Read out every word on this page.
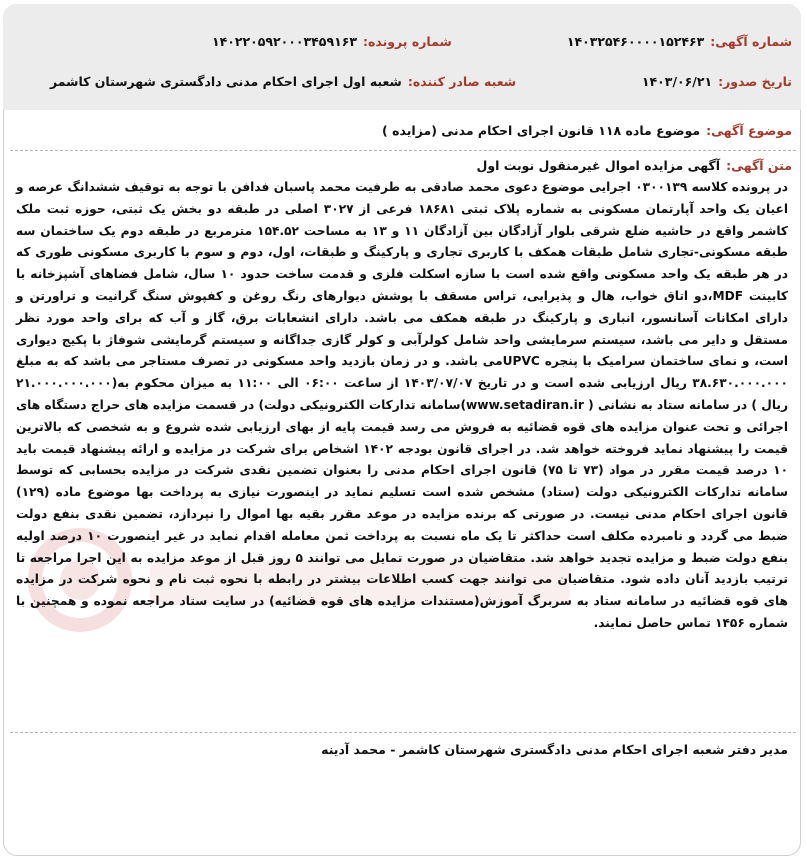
شماره آگهی:۱۴۰۳۲۵۴۶۰۰۰۰۱۵۲۴۶۳
شماره پرونده:۱۴۰۲۲۰۵۹۲۰۰۰۳۴۵۹۱۶۳
تاریخ صدور:۱۴۰۳/۰۶/۲۱
شعبه صادر کننده:شعبه اول اجرای احکام مدنی دادگستری شهرستان کاشمر
موضوع آگهی:موضوع ماده ۱۱۸ قانون اجرای احکام مدنی (مزایده )
متن آگهی:آگهی مزایده اموال غیرمنقول نوبت اول
در پرونده کلاسه ۰۳۰۰۱۳۹ اجرایی موضوع دعوی محمد صادقی به طرفیت محمد پاسبان فدافن با توجه به توقیف ششدانگ عرصه و اعیان یک واحد آپارتمان مسکونی به شماره پلاک ثبتی ۱۸۶۸۱ فرعی از ۳۰۲۷ اصلی در طبقه دو بخش یک ثبتی، حوزه ثبت ملک کاشمر واقع در حاشیه ضلع شرقی بلوار آزادگان بین آزادگان ۱۱ و ۱۳ به مساحت ۱۵۴.۵۲ مترمربع در طبقه دوم یک ساختمان سه طبقه مسکونی-تجاری شامل طبقات همکف با کاربری تجاری و پارکینگ و طبقات، اول، دوم و سوم با کاربری مسکونی طوری که در هر طبقه یک واحد مسکونی واقع شده است با سازه اسکلت فلزی و قدمت ساخت حدود ۱۰ سال، شامل فضاهای آشپزخانه با کابینت MDF،دو اتاق خواب، هال و پذیرایی، تراس مسقف با پوشش دیوارهای رنگ روغن و کفپوش سنگ گرانیت و تراورتن و دارای امکانات آسانسور، انباری و پارکینگ در طبقه همکف می باشد. دارای انشعابات برق، گاز و آب که برای واحد مورد نظر مستقل و دایر می باشد، سیستم سرمایشی واحد شامل کولرآبی و کولر گازی جداگانه و سیستم گرمایشی شوفاژ با پکیج دیواری است، و نمای ساختمان سرامیک با پنجره UPVCمی باشد. و در زمان بازدید واحد مسکونی در تصرف مستاجر می باشد که به مبلغ ۳۸.۶۳۰.۰۰۰.۰۰۰ ریال ارزیابی شده است و در تاریخ ۱۴۰۳/۰۷/۰۷ از ساعت ۰۶:۰۰ الی ۱۱:۰۰ به میزان محکوم به(۲۱.۰۰۰.۰۰۰.۰۰۰ ریال ) در سامانه ستاد به نشانی ( www.setadiran.ir)سامانه تدارکات الکترونیکی دولت) در قسمت مزایده های حراج دستگاه های اجرائی و تحت عنوان مزایده های قوه قضائیه به فروش می رسد قیمت پایه از بهای ارزیابی شده شروع و به شخصی که بالاترین قیمت را پیشنهاد نماید فروخته خواهد شد. در اجرای قانون بودجه ۱۴۰۲ اشخاص برای شرکت در مزایده و ارائه پیشنهاد قیمت باید ۱۰ درصد قیمت مقرر در مواد (۷۳ تا ۷۵) قانون اجرای احکام مدنی را بعنوان تضمین نقدی شرکت در مزایده بحسابی که توسط سامانه تدارکات الکترونیکی دولت (ستاد) مشخص شده است تسلیم نماید در اینصورت نیازی به پرداخت بها موضوع ماده (۱۲۹) قانون اجرای احکام مدنی نیست. در صورتی که برنده مزایده در موعد مقرر بقیه بها اموال را نپردازد، تضمین نقدی بنفع دولت ضبط می گردد و نامبرده مکلف است حداکثر تا یک ماه نسبت به پرداخت ثمن معامله اقدام نماید در غیر اینصورت ۱۰ درصد اولیه بنفع دولت ضبط و مزایده تجدید خواهد شد. متقاضیان در صورت تمایل می توانند ۵ روز قبل از موعد مزایده به این اجرا مراجعه تا ترتیب بازدید آنان داده شود. متقاضیان می توانند جهت کسب اطلاعات بیشتر در رابطه با نحوه ثبت نام و نحوه شرکت در مزایده های قوه قضائیه در سامانه ستاد به سربرگ آموزش(مستندات مزایده های قوه قضائیه) در سایت ستاد مراجعه نموده و همچنین با شماره ۱۴۵۶ تماس حاصل نمایند.
مدیر دفتر شعبه اجرای احکام مدنی دادگستری شهرستان کاشمر - محمد آدینه
